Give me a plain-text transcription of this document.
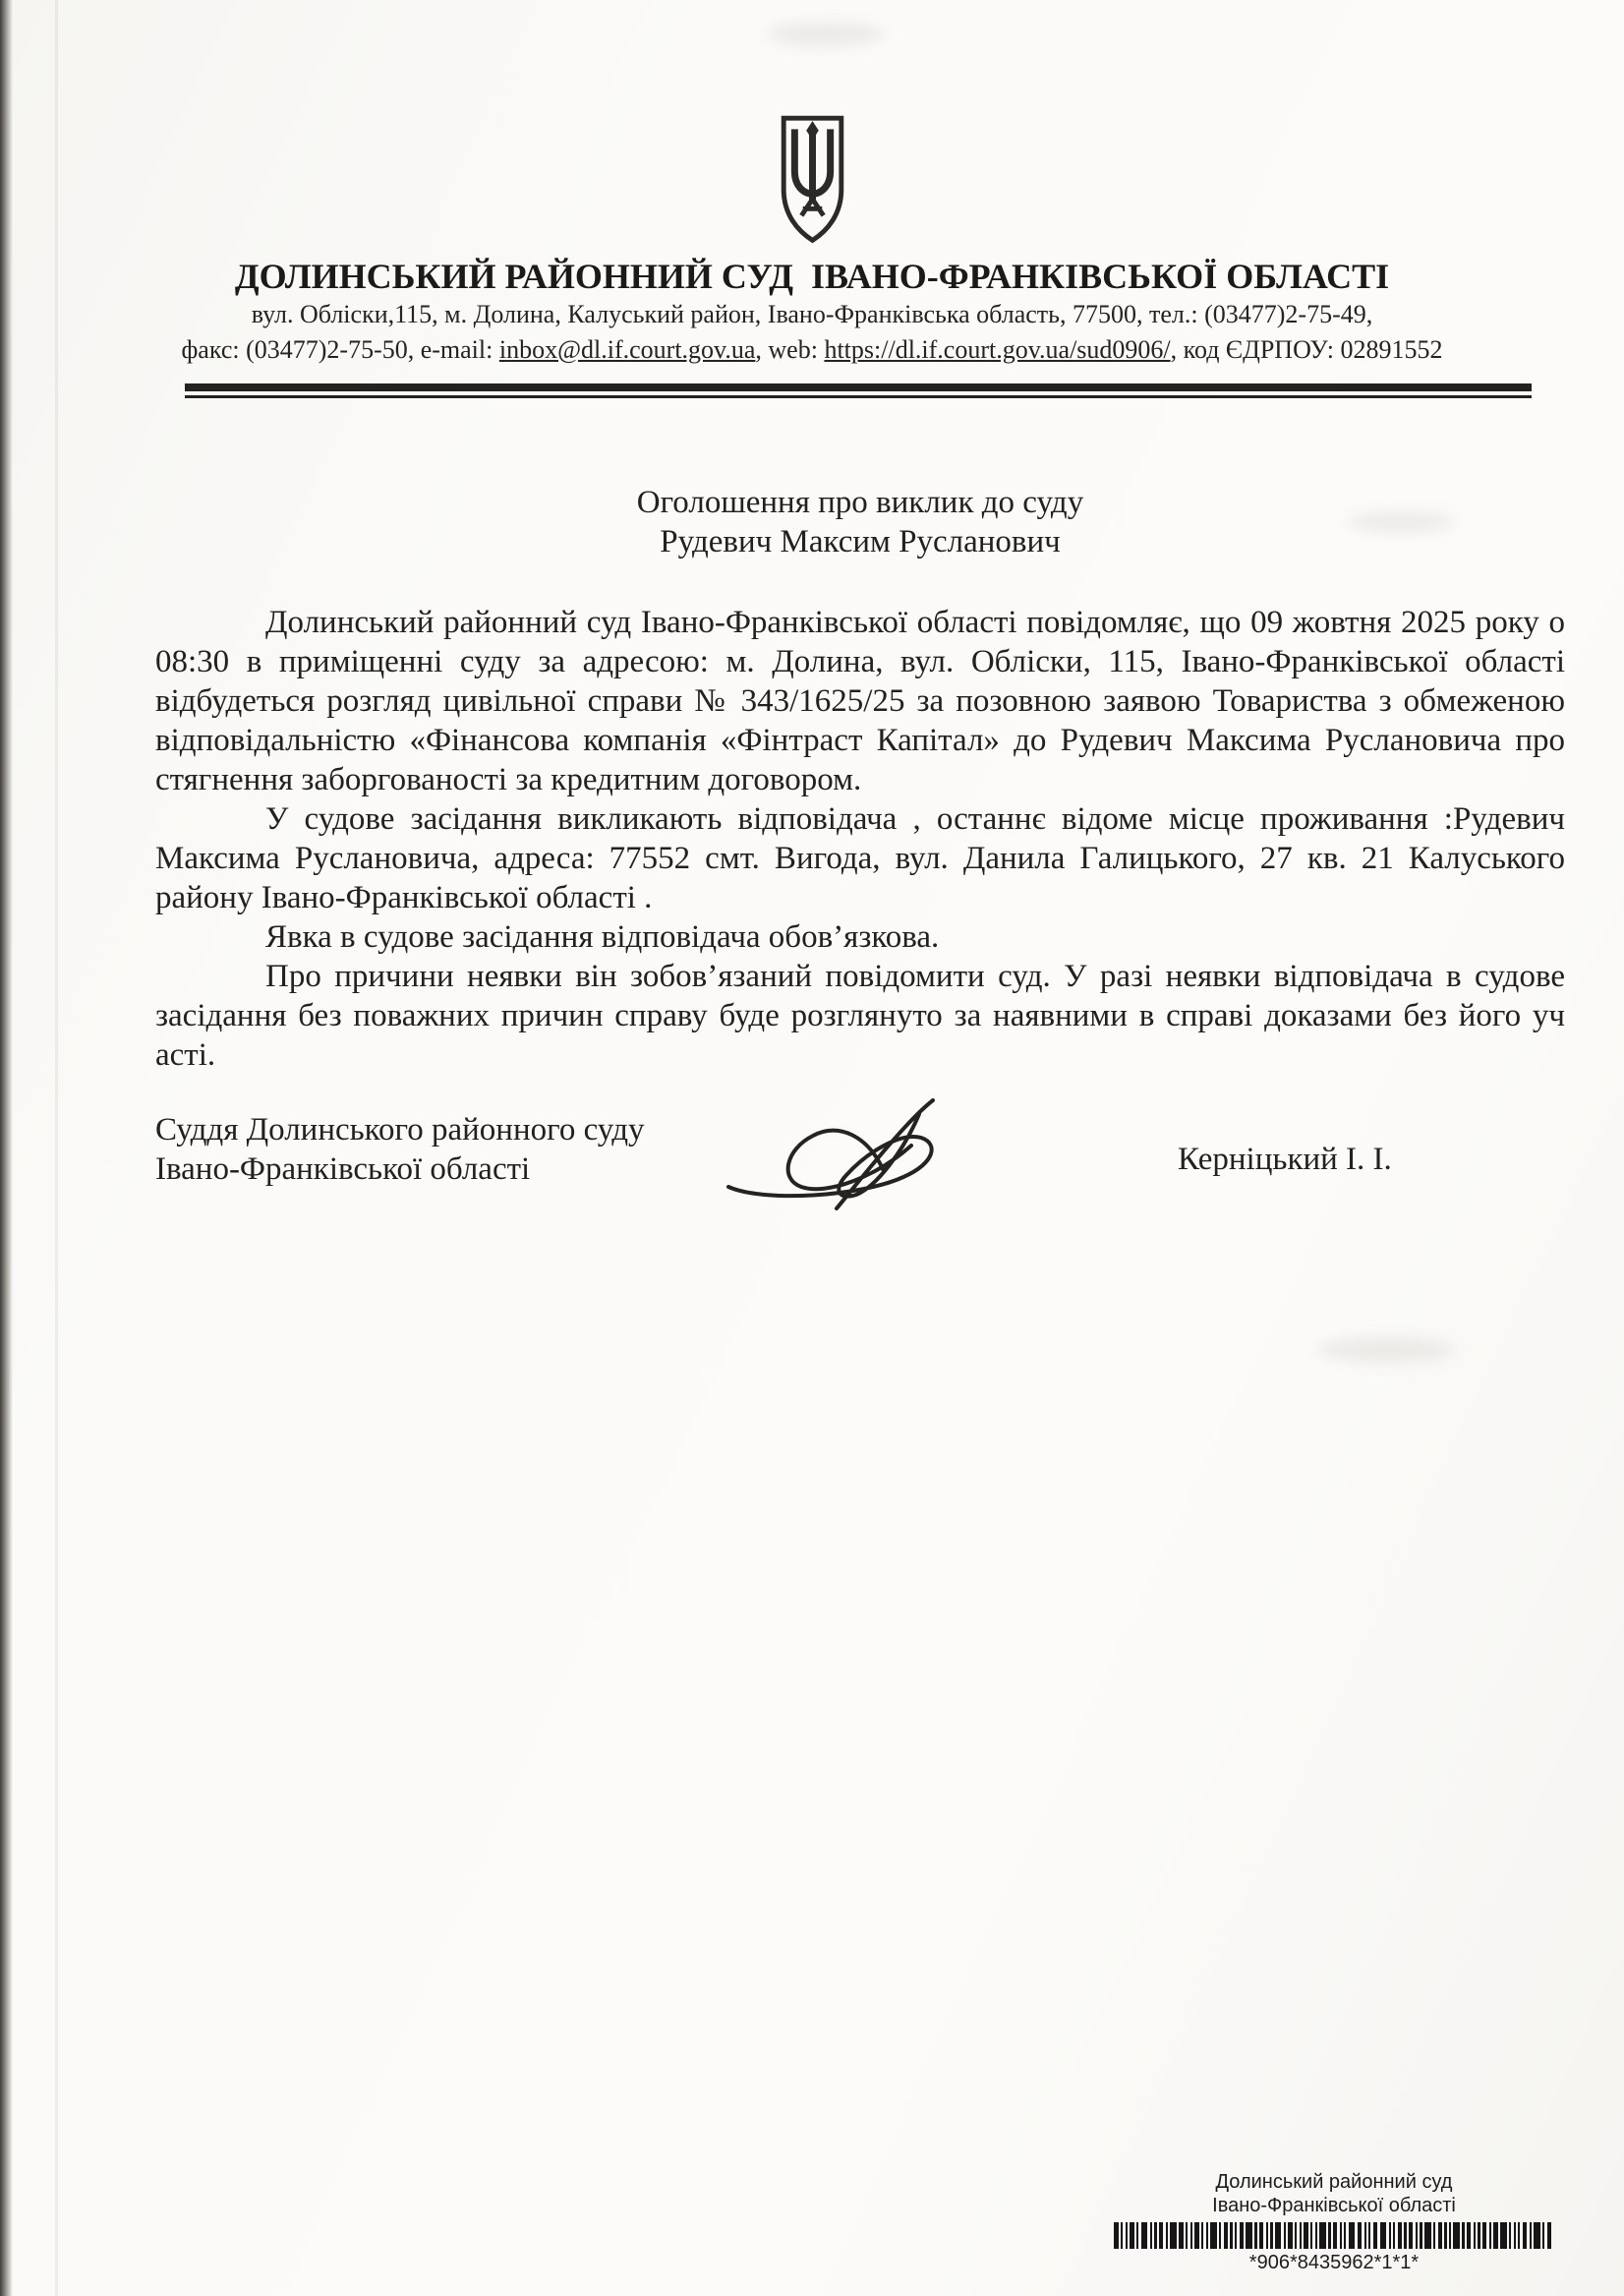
ДОЛИНСЬКИЙ РАЙОННИЙ СУД  ІВАНО-ФРАНКІВСЬКОЇ ОБЛАСТІ
вул. Обліски,115, м. Долина, Калуський район, Івано-Франківська область, 77500, тел.: (03477)2-75-49,
факс: (03477)2-75-50, e-mail: inbox@dl.if.court.gov.ua, web: https://dl.if.court.gov.ua/sud0906/, код ЄДРПОУ: 02891552
Оголошення про виклик до суду
Рудевич Максим Русланович

Долинський районний суд Івано-Франківської області повідомляє, що 09 жовтня 2025 року о 08:30 в приміщенні суду за адресою: м. Долина, вул. Обліски, 115, Івано-Франківської області відбудеться розгляд цивільної справи № 343/1625/25 за позовною заявою Товариства з обмеженою відповідальністю «Фінансова компанія «Фінтраст Капітал» до Рудевич Максима Руслановича про стягнення заборгованості за кредитним договором.

У судове засідання викликають відповідача , останнє відоме місце проживання :Рудевич Максима Руслановича, адреса: 77552 смт. Вигода, вул. Данила Галицького, 27 кв. 21 Калуського району Івано-Франківської області .

Явка в судове засідання відповідача обов’язкова.

Про причини неявки він зобов’язаний повідомити суд. У разі неявки відповідача в судове засідання без поважних причин справу буде розглянуто за наявними в справі доказами без його уч асті.

Суддя Долинського районного суду
Івано-Франківської області	Керніцький І. І.
Долинський районний суд
Івано-Франківської області
*906*8435962*1*1*
